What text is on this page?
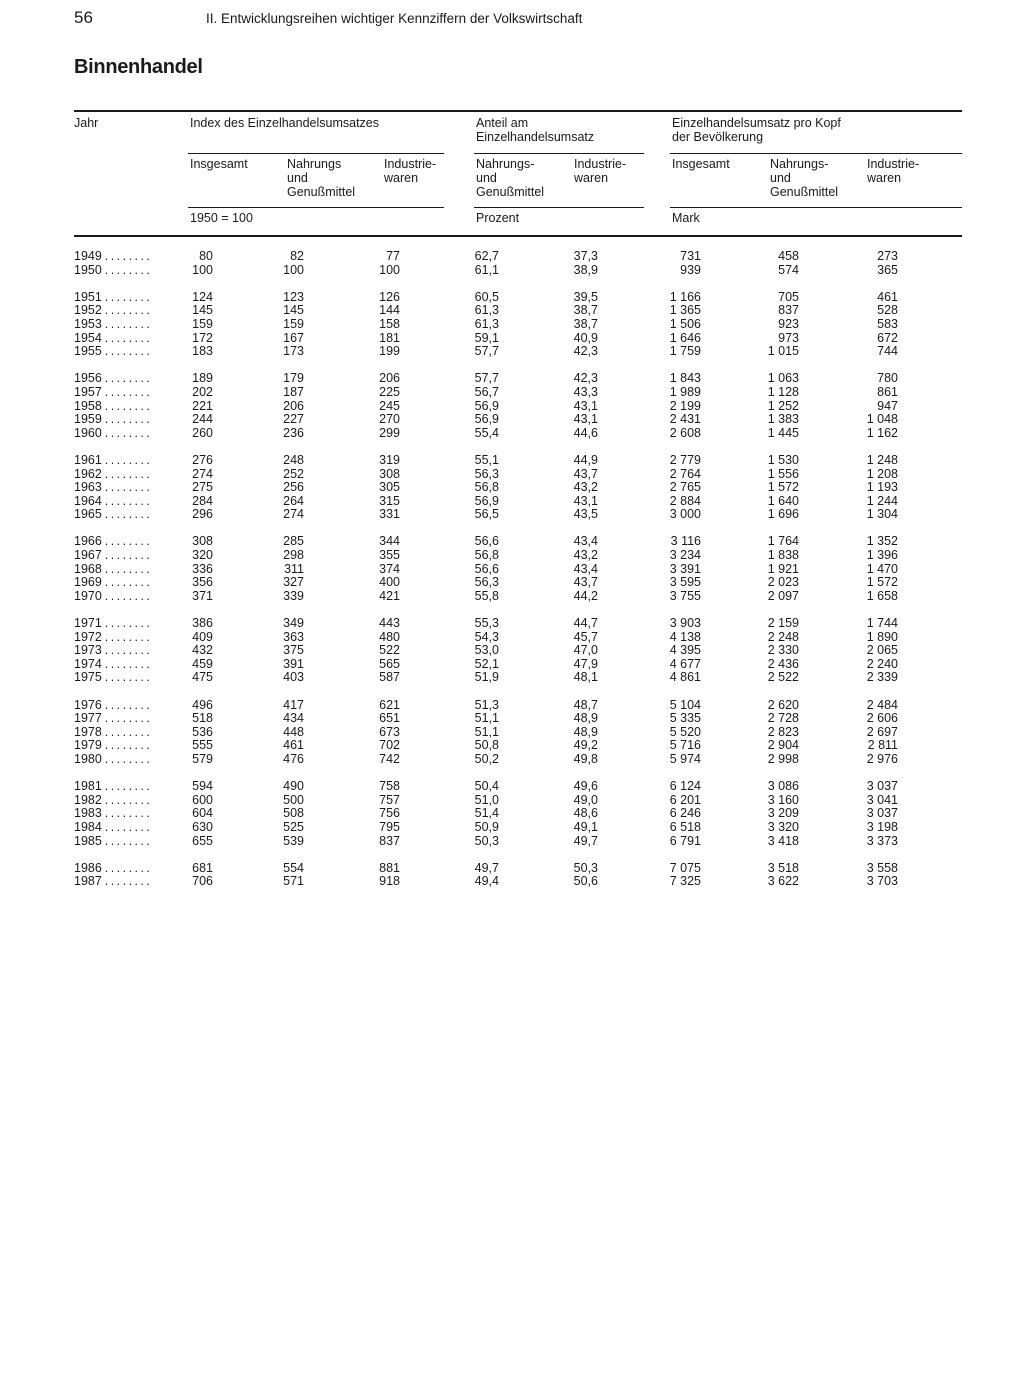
56	II. Entwicklungsreihen wichtiger Kennziffern der Volkswirtschaft
Binnenhandel
Jahr	Index des Einzelhandelsumsatzes	Anteil am
Einzelhandelsumsatz
Einzelhandelsumsatz pro Kopf
der Bevölkerung
Insgesamt	Nahrungs
und
Genußmittel
Industrie-
waren
Nahrungs-
und
Genußmittel
Industrie-
waren
Insgesamt	Nahrungs-
und
Genußmittel
Industrie-
waren
1950 = 100	Prozent	Mark
1949 . . .	80	82	77	62,7	37,3	731	458	273
1950 . . .	100	100	100	61,1	38,9	939	574	365
1951 . . .	124	123	126	60,5	39,5	1 166	705	461
1952 . . .	145	145	144	61,3	38,7	1 365	837	528
1953 . . .	159	159	158	61,3	38,7	1 506	923	583
1954 . . .	172	167	181	59,1	40,9	1 646	973	672
1955 . . .	183	173	199	57,7	42,3	1 759	1 015	744
1956 . . .	189	179	206	57,7	42,3	1 843	1 063	780
1957 . . .	202	187	225	56,7	43,3	1 989	1 128	861
1958 . . .	221	206	245	56,9	43,1	2 199	1 252	947
1959 . . .	244	227	270	56,9	43,1	2 431	1 383	1 048
1960 . . .	260	236	299	55,4	44,6	2 608	1 445	1 162
1961 . . .	276	248	319	55,1	44,9	2 779	1 530	1 248
1962 . . .	274	252	308	56,3	43,7	2 764	1 556	1 208
1963 . . .	275	256	305	56,8	43,2	2 765	1 572	1 193
1964 . . .	284	264	315	56,9	43,1	2 884	1 640	1 244
1965 . . .	296	274	331	56,5	43,5	3 000	1 696	1 304
1966 . . .	308	285	344	56,6	43,4	3 116	1 764	1 352
1967 . . .	320	298	355	56,8	43,2	3 234	1 838	1 396
1968 . . .	336	311	374	56,6	43,4	3 391	1 921	1 470
1969 . . .	356	327	400	56,3	43,7	3 595	2 023	1 572
1970 . . .	371	339	421	55,8	44,2	3 755	2 097	1 658
1971 . . .	386	349	443	55,3	44,7	3 903	2 159	1 744
1972 . . .	409	363	480	54,3	45,7	4 138	2 248	1 890
1973 . . .	432	375	522	53,0	47,0	4 395	2 330	2 065
1974 . . .	459	391	565	52,1	47,9	4 677	2 436	2 240
1975 . . .	475	403	587	51,9	48,1	4 861	2 522	2 339
1976 . . .	496	417	621	51,3	48,7	5 104	2 620	2 484
1977 . . .	518	434	651	51,1	48,9	5 335	2 728	2 606
1978 . . .	536	448	673	51,1	48,9	5 520	2 823	2 697
1979 . . .	555	461	702	50,8	49,2	5 716	2 904	2 811
1980 . . .	579	476	742	50,2	49,8	5 974	2 998	2 976
1981 . . .	594	490	758	50,4	49,6	6 124	3 086	3 037
1982 . . .	600	500	757	51,0	49,0	6 201	3 160	3 041
1983 . . .	604	508	756	51,4	48,6	6 246	3 209	3 037
1984 . . .	630	525	795	50,9	49,1	6 518	3 320	3 198
1985 . . .	655	539	837	50,3	49,7	6 791	3 418	3 373
1986 . . .	681	554	881	49,7	50,3	7 075	3 518	3 558
1987 . . .	706	571	918	49,4	50,6	7 325	3 622	3 703
